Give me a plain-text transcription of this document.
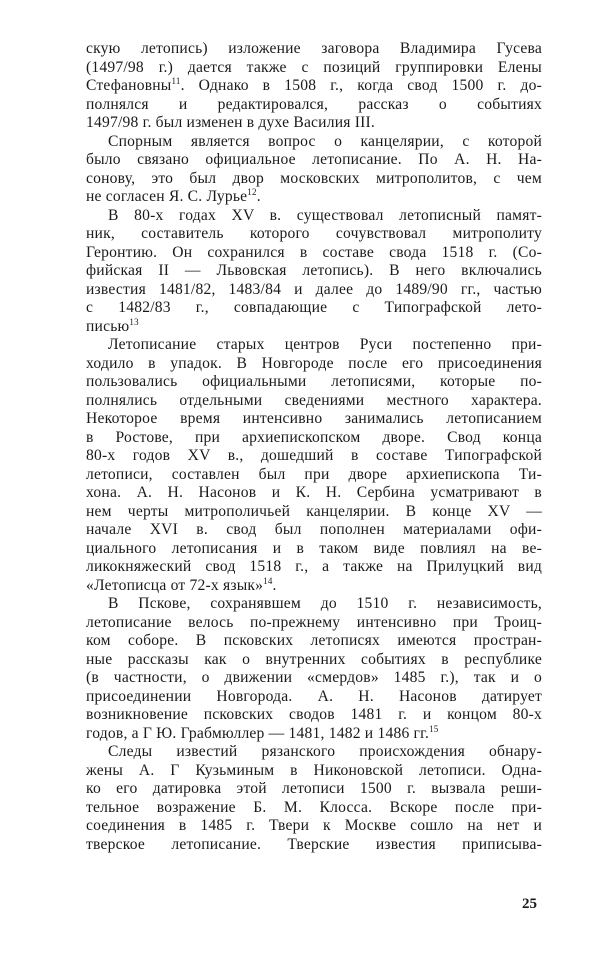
скую летопись) изложение заговора Владимира Гусева
(1497/98 г.) дается также с позиций группировки Елены
Стефановны$^{11}$. Однако в 1508 г., когда свод 1500 г. до-
полнялся и редактировался, рассказ о событиях
1497/98 г. был изменен в духе Василия III.
Спорным является вопрос о канцелярии, с которой
было связано официальное летописание. По А. Н. На-
сонову, это был двор московских митрополитов, с чем
не согласен Я. С. Лурье$^{12}$.
В 80-х годах XV в. существовал летописный памят-
ник, составитель которого сочувствовал митрополиту
Геронтию. Он сохранился в составе свода 1518 г. (Со-
фийская II — Львовская летопись). В него включались
известия 1481/82, 1483/84 и далее до 1489/90 гг., частью
с 1482/83 г., совпадающие с Типографской лето-
писью$^{13}$
Летописание старых центров Руси постепенно при-
ходило в упадок. В Новгороде после его присоединения
пользовались официальными летописями, которые по-
полнялись отдельными сведениями местного характера.
Некоторое время интенсивно занимались летописанием
в Ростове, при архиепископском дворе. Свод конца
80-х годов XV в., дошедший в составе Типографской
летописи, составлен был при дворе архиепископа Ти-
хона. А. Н. Насонов и К. Н. Сербина усматривают в
нем черты митрополичьей канцелярии. В конце XV —
начале XVI в. свод был пополнен материалами офи-
циального летописания и в таком виде повлиял на ве-
ликокняжеский свод 1518 г., а также на Прилуцкий вид
«Летописца от 72-х язык»$^{14}$.
В Пскове, сохранявшем до 1510 г. независимость,
летописание велось по-прежнему интенсивно при Троиц-
ком соборе. В псковских летописях имеются простран-
ные рассказы как о внутренних событиях в республике
(в частности, о движении «смердов» 1485 г.), так и о
присоединении Новгорода. А. Н. Насонов датирует
возникновение псковских сводов 1481 г. и концом 80-х
годов, а Г Ю. Грабмюллер — 1481, 1482 и 1486 гг.$^{15}$
Следы известий рязанского происхождения обнару-
жены А. Г Кузьминым в Никоновской летописи. Одна-
ко его датировка этой летописи 1500 г. вызвала реши-
тельное возражение Б. М. Клосса. Вскоре после при-
соединения в 1485 г. Твери к Москве сошло на нет и
тверское летописание. Тверские известия приписыва-
25
